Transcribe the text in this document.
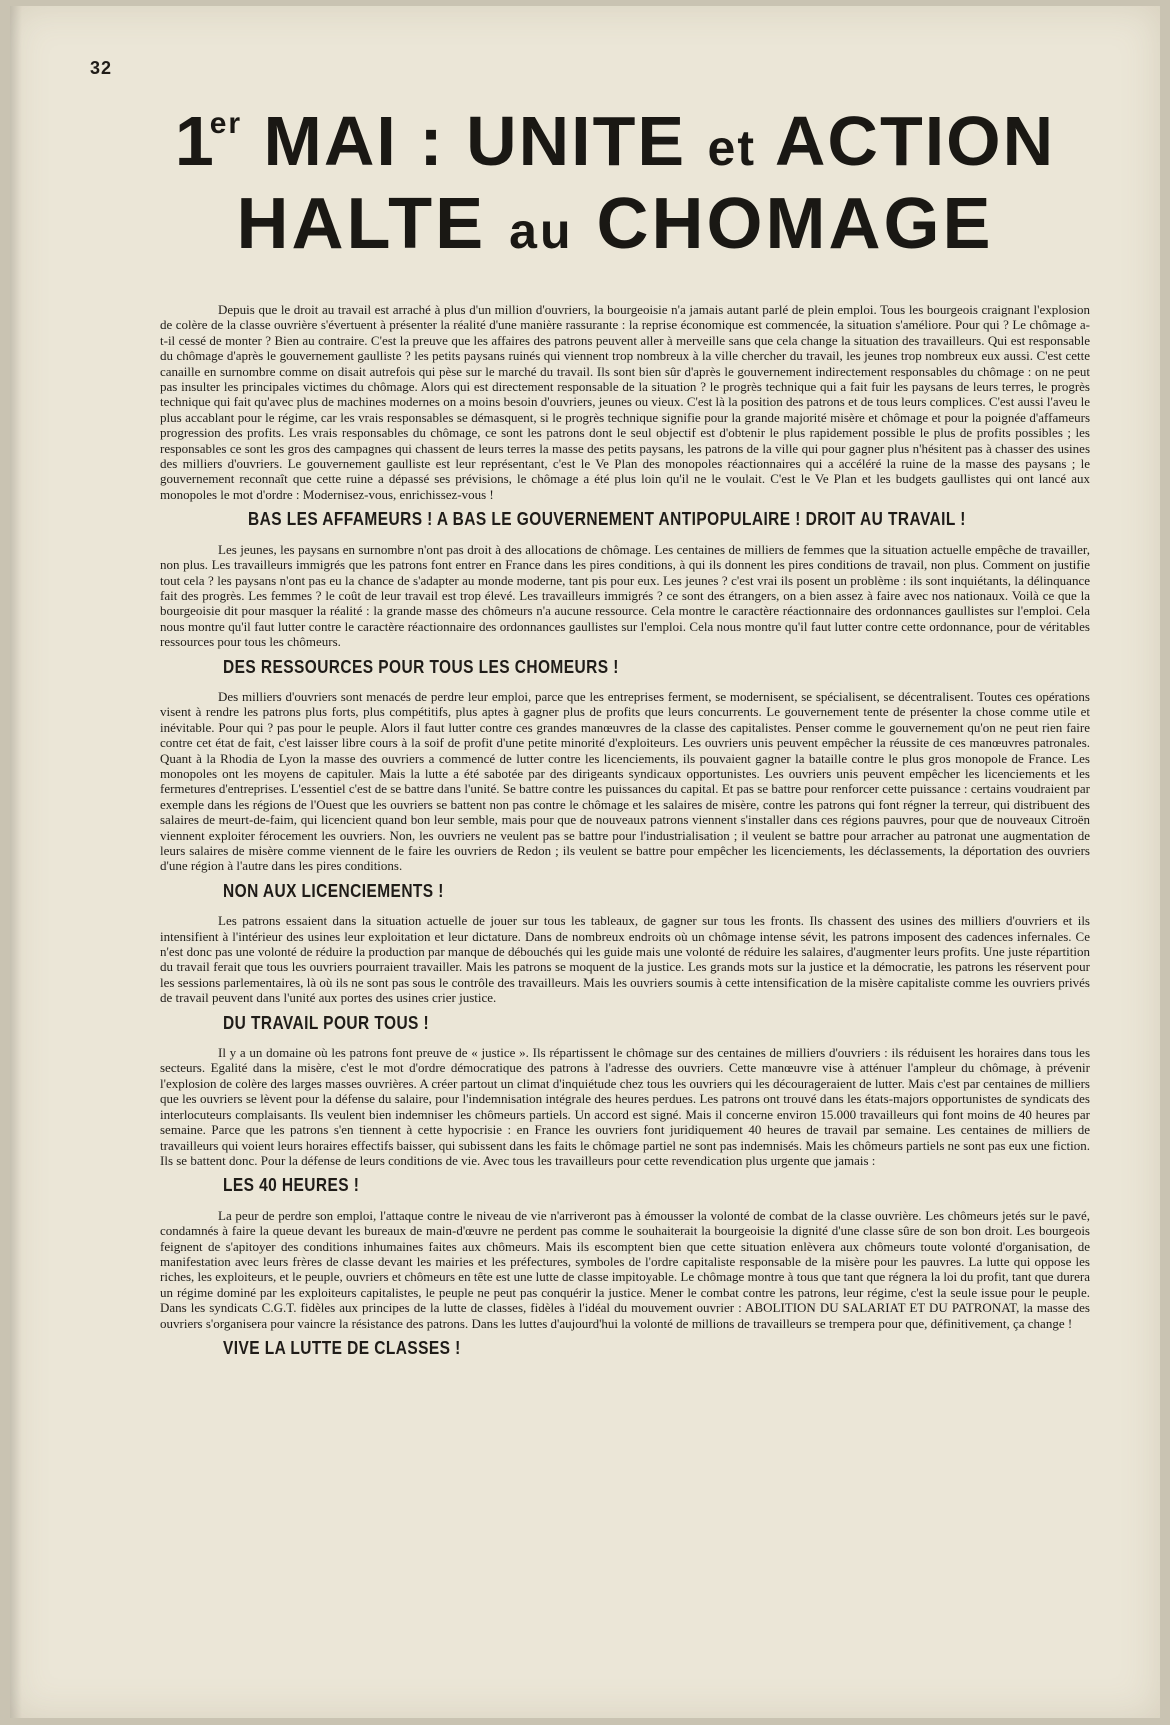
32
1er MAI : UNITE et ACTION
HALTE au CHOMAGE

Depuis que le droit au travail est arraché à plus d'un million d'ouvriers, la bourgeoisie n'a jamais autant parlé de plein emploi. Tous les bourgeois craignant l'explosion de colère de la classe ouvrière s'évertuent à présenter la réalité d'une manière rassurante : la reprise économique est commencée, la situation s'améliore. Pour qui ? Le chômage a-t-il cessé de monter ? Bien au contraire. C'est la preuve que les affaires des patrons peuvent aller à merveille sans que cela change la situation des travailleurs. Qui est responsable du chômage d'après le gouvernement gaulliste ? les petits paysans ruinés qui viennent trop nombreux à la ville chercher du travail, les jeunes trop nombreux eux aussi. C'est cette canaille en surnombre comme on disait autrefois qui pèse sur le marché du travail. Ils sont bien sûr d'après le gouvernement indirectement responsables du chômage : on ne peut pas insulter les principales victimes du chômage. Alors qui est directement responsable de la situation ? le progrès technique qui a fait fuir les paysans de leurs terres, le progrès technique qui fait qu'avec plus de machines modernes on a moins besoin d'ouvriers, jeunes ou vieux. C'est là la position des patrons et de tous leurs complices. C'est aussi l'aveu le plus accablant pour le régime, car les vrais responsables se démasquent, si le progrès technique signifie pour la grande majorité misère et chômage et pour la poignée d'affameurs progression des profits. Les vrais responsables du chômage, ce sont les patrons dont le seul objectif est d'obtenir le plus rapidement possible le plus de profits possibles ; les responsables ce sont les gros des campagnes qui chassent de leurs terres la masse des petits paysans, les patrons de la ville qui pour gagner plus n'hésitent pas à chasser des usines des milliers d'ouvriers. Le gouvernement gaulliste est leur représentant, c'est le Ve Plan des monopoles réactionnaires qui a accéléré la ruine de la masse des paysans ; le gouvernement reconnaît que cette ruine a dépassé ses prévisions, le chômage a été plus loin qu'il ne le voulait. C'est le Ve Plan et les budgets gaullistes qui ont lancé aux monopoles le mot d'ordre : Modernisez-vous, enrichissez-vous !

BAS LES AFFAMEURS ! A BAS LE GOUVERNEMENT ANTIPOPULAIRE ! DROIT AU TRAVAIL !

Les jeunes, les paysans en surnombre n'ont pas droit à des allocations de chômage. Les centaines de milliers de femmes que la situation actuelle empêche de travailler, non plus. Les travailleurs immigrés que les patrons font entrer en France dans les pires conditions, à qui ils donnent les pires conditions de travail, non plus. Comment on justifie tout cela ? les paysans n'ont pas eu la chance de s'adapter au monde moderne, tant pis pour eux. Les jeunes ? c'est vrai ils posent un problème : ils sont inquiétants, la délinquance fait des progrès. Les femmes ? le coût de leur travail est trop élevé. Les travailleurs immigrés ? ce sont des étrangers, on a bien assez à faire avec nos nationaux. Voilà ce que la bourgeoisie dit pour masquer la réalité : la grande masse des chômeurs n'a aucune ressource. Cela montre le caractère réactionnaire des ordonnances gaullistes sur l'emploi. Cela nous montre qu'il faut lutter contre le caractère réactionnaire des ordonnances gaullistes sur l'emploi. Cela nous montre qu'il faut lutter contre cette ordonnance, pour de véritables ressources pour tous les chômeurs.

DES RESSOURCES POUR TOUS LES CHOMEURS !

Des milliers d'ouvriers sont menacés de perdre leur emploi, parce que les entreprises ferment, se modernisent, se spécialisent, se décentralisent. Toutes ces opérations visent à rendre les patrons plus forts, plus compétitifs, plus aptes à gagner plus de profits que leurs concurrents. Le gouvernement tente de présenter la chose comme utile et inévitable. Pour qui ? pas pour le peuple. Alors il faut lutter contre ces grandes manœuvres de la classe des capitalistes. Penser comme le gouvernement qu'on ne peut rien faire contre cet état de fait, c'est laisser libre cours à la soif de profit d'une petite minorité d'exploiteurs. Les ouvriers unis peuvent empêcher la réussite de ces manœuvres patronales. Quant à la Rhodia de Lyon la masse des ouvriers a commencé de lutter contre les licenciements, ils pouvaient gagner la bataille contre le plus gros monopole de France. Les monopoles ont les moyens de capituler. Mais la lutte a été sabotée par des dirigeants syndicaux opportunistes. Les ouvriers unis peuvent empêcher les licenciements et les fermetures d'entreprises. L'essentiel c'est de se battre dans l'unité. Se battre contre les puissances du capital. Et pas se battre pour renforcer cette puissance : certains voudraient par exemple dans les régions de l'Ouest que les ouvriers se battent non pas contre le chômage et les salaires de misère, contre les patrons qui font régner la terreur, qui distribuent des salaires de meurt-de-faim, qui licencient quand bon leur semble, mais pour que de nouveaux patrons viennent s'installer dans ces régions pauvres, pour que de nouveaux Citroën viennent exploiter férocement les ouvriers. Non, les ouvriers ne veulent pas se battre pour l'industrialisation ; il veulent se battre pour arracher au patronat une augmentation de leurs salaires de misère comme viennent de le faire les ouvriers de Redon ; ils veulent se battre pour empêcher les licenciements, les déclassements, la déportation des ouvriers d'une région à l'autre dans les pires conditions.

NON AUX LICENCIEMENTS !

Les patrons essaient dans la situation actuelle de jouer sur tous les tableaux, de gagner sur tous les fronts. Ils chassent des usines des milliers d'ouvriers et ils intensifient à l'intérieur des usines leur exploitation et leur dictature. Dans de nombreux endroits où un chômage intense sévit, les patrons imposent des cadences infernales. Ce n'est donc pas une volonté de réduire la production par manque de débouchés qui les guide mais une volonté de réduire les salaires, d'augmenter leurs profits. Une juste répartition du travail ferait que tous les ouvriers pourraient travailler. Mais les patrons se moquent de la justice. Les grands mots sur la justice et la démocratie, les patrons les réservent pour les sessions parlementaires, là où ils ne sont pas sous le contrôle des travailleurs. Mais les ouvriers soumis à cette intensification de la misère capitaliste comme les ouvriers privés de travail peuvent dans l'unité aux portes des usines crier justice.

DU TRAVAIL POUR TOUS !

Il y a un domaine où les patrons font preuve de « justice ». Ils répartissent le chômage sur des centaines de milliers d'ouvriers : ils réduisent les horaires dans tous les secteurs. Egalité dans la misère, c'est le mot d'ordre démocratique des patrons à l'adresse des ouvriers. Cette manœuvre vise à atténuer l'ampleur du chômage, à prévenir l'explosion de colère des larges masses ouvrières. A créer partout un climat d'inquiétude chez tous les ouvriers qui les décourageraient de lutter. Mais c'est par centaines de milliers que les ouvriers se lèvent pour la défense du salaire, pour l'indemnisation intégrale des heures perdues. Les patrons ont trouvé dans les états-majors opportunistes de syndicats des interlocuteurs complaisants. Ils veulent bien indemniser les chômeurs partiels. Un accord est signé. Mais il concerne environ 15.000 travailleurs qui font moins de 40 heures par semaine. Parce que les patrons s'en tiennent à cette hypocrisie : en France les ouvriers font juridiquement 40 heures de travail par semaine. Les centaines de milliers de travailleurs qui voient leurs horaires effectifs baisser, qui subissent dans les faits le chômage partiel ne sont pas indemnisés. Mais les chômeurs partiels ne sont pas eux une fiction. Ils se battent donc. Pour la défense de leurs conditions de vie. Avec tous les travailleurs pour cette revendication plus urgente que jamais :

LES 40 HEURES !

La peur de perdre son emploi, l'attaque contre le niveau de vie n'arriveront pas à émousser la volonté de combat de la classe ouvrière. Les chômeurs jetés sur le pavé, condamnés à faire la queue devant les bureaux de main-d'œuvre ne perdent pas comme le souhaiterait la bourgeoisie la dignité d'une classe sûre de son bon droit. Les bourgeois feignent de s'apitoyer des conditions inhumaines faites aux chômeurs. Mais ils escomptent bien que cette situation enlèvera aux chômeurs toute volonté d'organisation, de manifestation avec leurs frères de classe devant les mairies et les préfectures, symboles de l'ordre capitaliste responsable de la misère pour les pauvres. La lutte qui oppose les riches, les exploiteurs, et le peuple, ouvriers et chômeurs en tête est une lutte de classe impitoyable. Le chômage montre à tous que tant que régnera la loi du profit, tant que durera un régime dominé par les exploiteurs capitalistes, le peuple ne peut pas conquérir la justice. Mener le combat contre les patrons, leur régime, c'est la seule issue pour le peuple. Dans les syndicats C.G.T. fidèles aux principes de la lutte de classes, fidèles à l'idéal du mouvement ouvrier : ABOLITION DU SALARIAT ET DU PATRONAT, la masse des ouvriers s'organisera pour vaincre la résistance des patrons. Dans les luttes d'aujourd'hui la volonté de millions de travailleurs se trempera pour que, définitivement, ça change !

VIVE LA LUTTE DE CLASSES !
